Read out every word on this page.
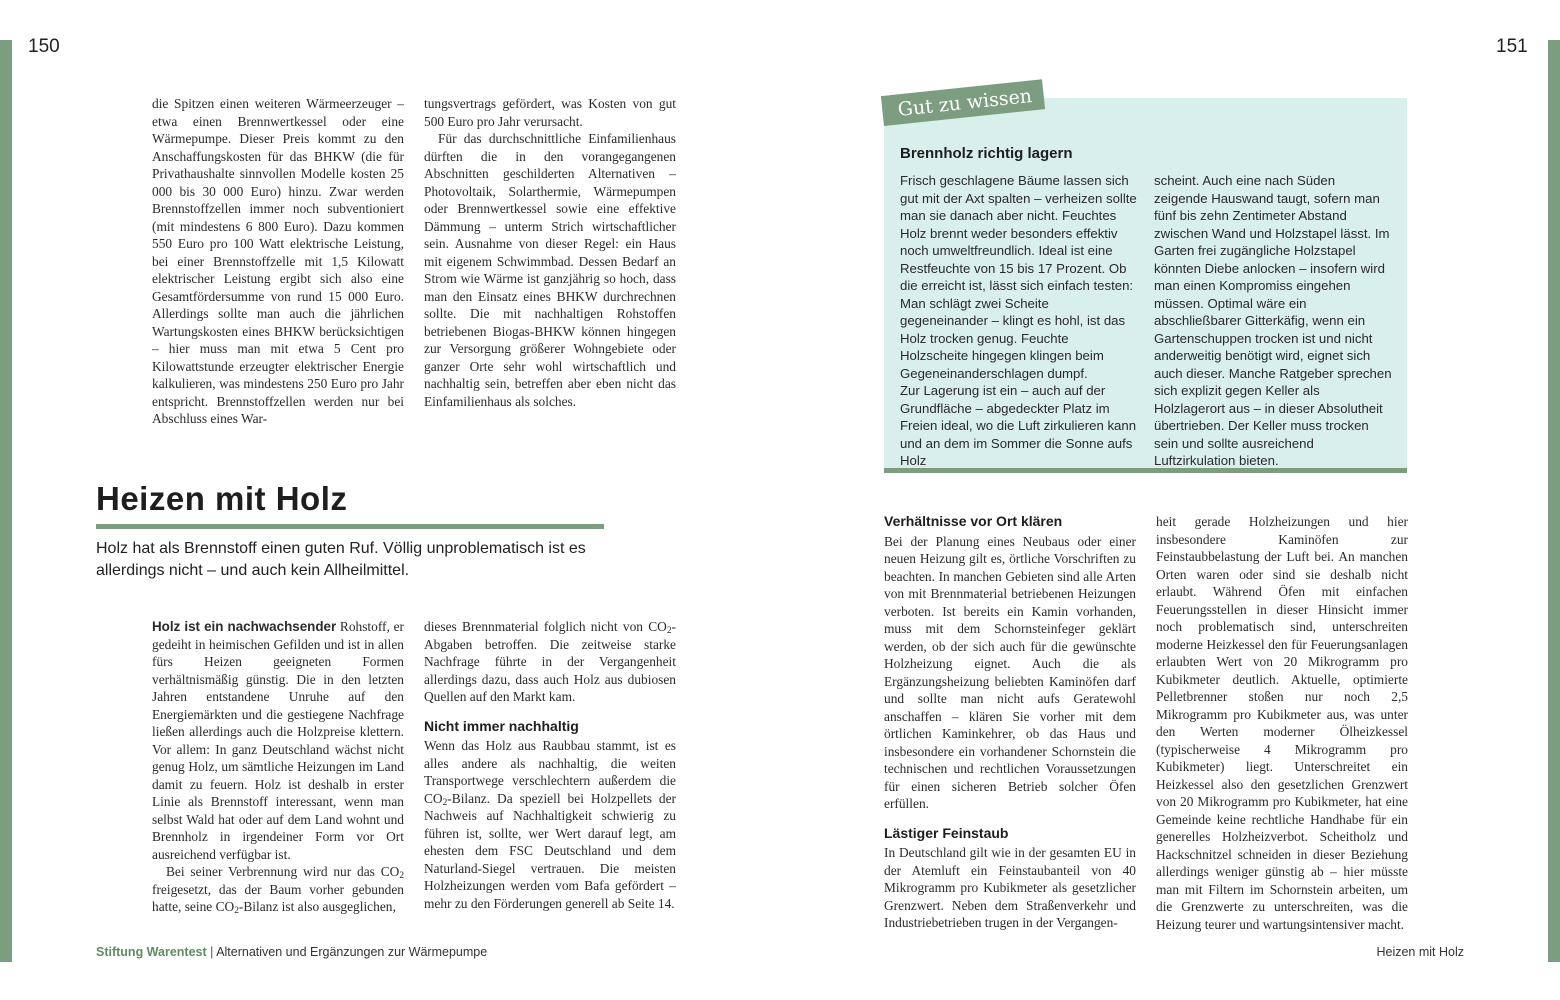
150	151

die Spitzen einen weiteren Wärmeerzeuger – etwa einen Brennwertkessel oder eine Wärmepumpe. Dieser Preis kommt zu den Anschaffungskosten für das BHKW (die für Privathaushalte sinnvollen Modelle kosten 25 000 bis 30 000 Euro) hinzu. Zwar werden Brennstoffzellen immer noch subventioniert (mit mindestens 6 800 Euro). Dazu kommen 550 Euro pro 100 Watt elektrische Leistung, bei einer Brennstoffzelle mit 1,5 Kilowatt elektrischer Leistung ergibt sich also eine Gesamtfördersumme von rund 15 000 Euro. Allerdings sollte man auch die jährlichen Wartungskosten eines BHKW berücksichtigen – hier muss man mit etwa 5 Cent pro Kilowattstunde erzeugter elektrischer Energie kalkulieren, was mindestens 250 Euro pro Jahr entspricht. Brennstoffzellen werden nur bei Abschluss eines War-

tungsvertrags gefördert, was Kosten von gut 500 Euro pro Jahr verursacht.

Für das durchschnittliche Einfamilienhaus dürften die in den vorangegangenen Abschnitten geschilderten Alternativen – Photovoltaik, Solarthermie, Wärmepumpen oder Brennwertkessel sowie eine effektive Dämmung – unterm Strich wirtschaftlicher sein. Ausnahme von dieser Regel: ein Haus mit eigenem Schwimmbad. Dessen Bedarf an Strom wie Wärme ist ganzjährig so hoch, dass man den Einsatz eines BHKW durchrechnen sollte. Die mit nachhaltigen Rohstoffen betriebenen Biogas-BHKW können hingegen zur Versorgung größerer Wohngebiete oder ganzer Orte sehr wohl wirtschaftlich und nachhaltig sein, betreffen aber eben nicht das Einfamilienhaus als solches.

Heizen mit Holz
Holz hat als Brennstoff einen guten Ruf. Völlig unproblematisch ist es allerdings nicht – und auch kein Allheilmittel.

Holz ist ein nachwachsender Rohstoff, er gedeiht in heimischen Gefilden und ist in allen fürs Heizen geeigneten Formen verhältnismäßig günstig. Die in den letzten Jahren entstandene Unruhe auf den Energiemärkten und die gestiegene Nachfrage ließen allerdings auch die Holzpreise klettern. Vor allem: In ganz Deutschland wächst nicht genug Holz, um sämtliche Heizungen im Land damit zu feuern. Holz ist deshalb in erster Linie als Brennstoff interessant, wenn man selbst Wald hat oder auf dem Land wohnt und Brennholz in irgendeiner Form vor Ort ausreichend verfügbar ist.

Bei seiner Verbrennung wird nur das $CO_2$ freigesetzt, das der Baum vorher gebunden hatte, seine $CO_2$-Bilanz ist also ausgeglichen,

dieses Brennmaterial folglich nicht von $CO_2$-Abgaben betroffen. Die zeitweise starke Nachfrage führte in der Vergangenheit allerdings dazu, dass auch Holz aus dubiosen Quellen auf den Markt kam.

Nicht immer nachhaltig

Wenn das Holz aus Raubbau stammt, ist es alles andere als nachhaltig, die weiten Transportwege verschlechtern außerdem die $CO_2$-Bilanz. Da speziell bei Holzpellets der Nachweis auf Nachhaltigkeit schwierig zu führen ist, sollte, wer Wert darauf legt, am ehesten dem FSC Deutschland und dem Naturland-Siegel vertrauen. Die meisten Holzheizungen werden vom Bafa gefördert – mehr zu den Förderungen generell ab Seite 14.

Gut zu wissen
Brennholz richtig lagern

Frisch geschlagene Bäume lassen sich gut mit der Axt spalten – verheizen sollte man sie danach aber nicht. Feuchtes Holz brennt weder besonders effektiv noch umweltfreundlich. Ideal ist eine Restfeuchte von 15 bis 17 Prozent. Ob die erreicht ist, lässt sich einfach testen: Man schlägt zwei Scheite gegeneinander – klingt es hohl, ist das Holz trocken genug. Feuchte Holzscheite hingegen klingen beim Gegeneinanderschlagen dumpf.

Zur Lagerung ist ein – auch auf der Grundfläche – abgedeckter Platz im Freien ideal, wo die Luft zirkulieren kann und an dem im Sommer die Sonne aufs Holz

scheint. Auch eine nach Süden zeigende Hauswand taugt, sofern man fünf bis zehn Zentimeter Abstand zwischen Wand und Holzstapel lässt. Im Garten frei zugängliche Holzstapel könnten Diebe anlocken – insofern wird man einen Kompromiss eingehen müssen. Optimal wäre ein abschließbarer Gitterkäfig, wenn ein Gartenschuppen trocken ist und nicht anderweitig benötigt wird, eignet sich auch dieser. Manche Ratgeber sprechen sich explizit gegen Keller als Holzlagerort aus – in dieser Absolutheit übertrieben. Der Keller muss trocken sein und sollte ausreichend Luftzirkulation bieten.

Verhältnisse vor Ort klären

Bei der Planung eines Neubaus oder einer neuen Heizung gilt es, örtliche Vorschriften zu beachten. In manchen Gebieten sind alle Arten von mit Brennmaterial betriebenen Heizungen verboten. Ist bereits ein Kamin vorhanden, muss mit dem Schornsteinfeger geklärt werden, ob der sich auch für die gewünschte Holzheizung eignet. Auch die als Ergänzungsheizung beliebten Kaminöfen darf und sollte man nicht aufs Geratewohl anschaffen – klären Sie vorher mit dem örtlichen Kaminkehrer, ob das Haus und insbesondere ein vorhandener Schornstein die technischen und rechtlichen Voraussetzungen für einen sicheren Betrieb solcher Öfen erfüllen.

Lästiger Feinstaub

In Deutschland gilt wie in der gesamten EU in der Atemluft ein Feinstaubanteil von 40 Mikrogramm pro Kubikmeter als gesetzlicher Grenzwert. Neben dem Straßenverkehr und Industriebetrieben trugen in der Vergangen-

heit gerade Holzheizungen und hier insbesondere Kaminöfen zur Feinstaubbelastung der Luft bei. An manchen Orten waren oder sind sie deshalb nicht erlaubt. Während Öfen mit einfachen Feuerungsstellen in dieser Hinsicht immer noch problematisch sind, unterschreiten moderne Heizkessel den für Feuerungsanlagen erlaubten Wert von 20 Mikrogramm pro Kubikmeter deutlich. Aktuelle, optimierte Pelletbrenner stoßen nur noch 2,5 Mikrogramm pro Kubikmeter aus, was unter den Werten moderner Ölheizkessel (typischerweise 4 Mikrogramm pro Kubikmeter) liegt. Unterschreitet ein Heizkessel also den gesetzlichen Grenzwert von 20 Mikrogramm pro Kubikmeter, hat eine Gemeinde keine rechtliche Handhabe für ein generelles Holzheizverbot. Scheitholz und Hackschnitzel schneiden in dieser Beziehung allerdings weniger günstig ab – hier müsste man mit Filtern im Schornstein arbeiten, um die Grenzwerte zu unterschreiten, was die Heizung teurer und wartungsintensiver macht.

Stiftung Warentest | Alternativen und Ergänzungen zur Wärmepumpe	Heizen mit Holz
